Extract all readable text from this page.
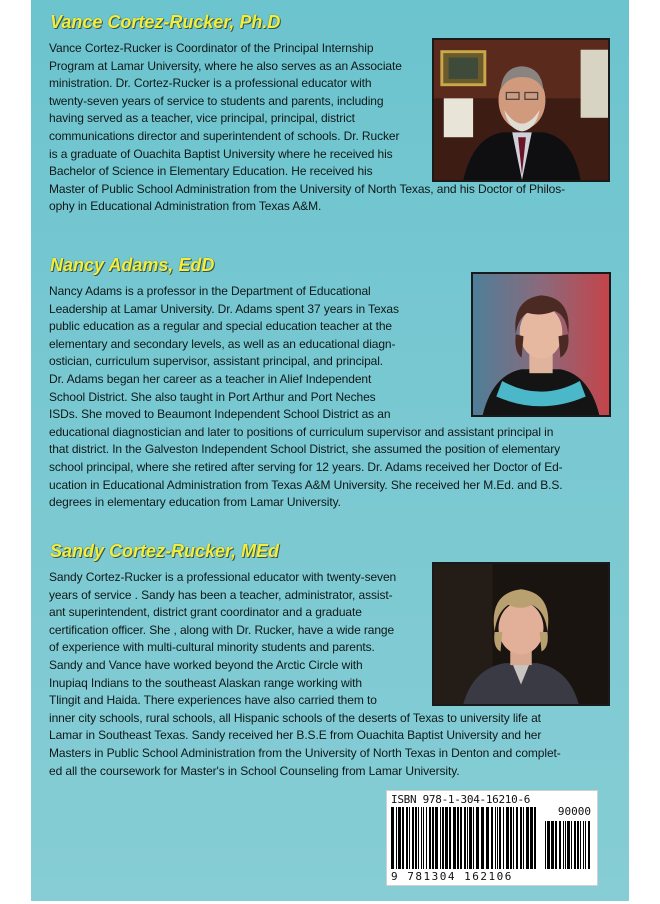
Vance Cortez-Rucker, Ph.D
Vance Cortez-Rucker is Coordinator of the Principal Internship
Program at Lamar University, where he also serves as an Associate
ministration. Dr. Cortez-Rucker is a professional educator with
twenty-seven years of service to students and parents, including
having served as a teacher, vice principal, principal, district
communications director and superintendent of schools. Dr. Rucker
is a graduate of Ouachita Baptist University where he received his
Bachelor of Science in Elementary Education. He received his
Master of Public School Administration from the University of North Texas, and his Doctor of Philos-
ophy in Educational Administration from Texas A&M.
Nancy Adams, EdD
Nancy Adams is a professor in the Department of Educational
Leadership at Lamar University. Dr. Adams spent 37 years in Texas
public education as a regular and special education teacher at the
elementary and secondary levels, as well as an educational diagn-
ostician, curriculum supervisor, assistant principal, and principal.
Dr. Adams began her career as a teacher in Alief Independent
School District. She also taught in Port Arthur and Port Neches
ISDs. She moved to Beaumont Independent School District as an
educational diagnostician and later to positions of curriculum supervisor and assistant principal in
that district. In the Galveston Independent School District, she assumed the position of elementary
school principal, where she retired after serving for 12 years. Dr. Adams received her Doctor of Ed-
ucation in Educational Administration from Texas A&M University. She received her M.Ed. and B.S.
degrees in elementary education from Lamar University.
Sandy Cortez-Rucker, MEd
Sandy Cortez-Rucker is a professional educator with twenty-seven
years of service . Sandy has been a teacher, administrator, assist-
ant superintendent, district grant coordinator and a graduate
certification officer. She , along with Dr. Rucker, have a wide range
of experience with multi-cultural minority students and parents.
Sandy and Vance have worked beyond the Arctic Circle with
Inupiaq Indians to the southeast Alaskan range working with
Tlingit and Haida. There experiences have also carried them to
inner city schools, rural schools, all Hispanic schools of the deserts of Texas to university life at
Lamar in Southeast Texas. Sandy received her B.S.E from Ouachita Baptist University and her
Masters in Public School Administration from the University of North Texas in Denton and complet-
ed all the coursework for Master's in School Counseling from Lamar University.
ISBN 978-1-304-16210-6
90000
9 781304 162106
